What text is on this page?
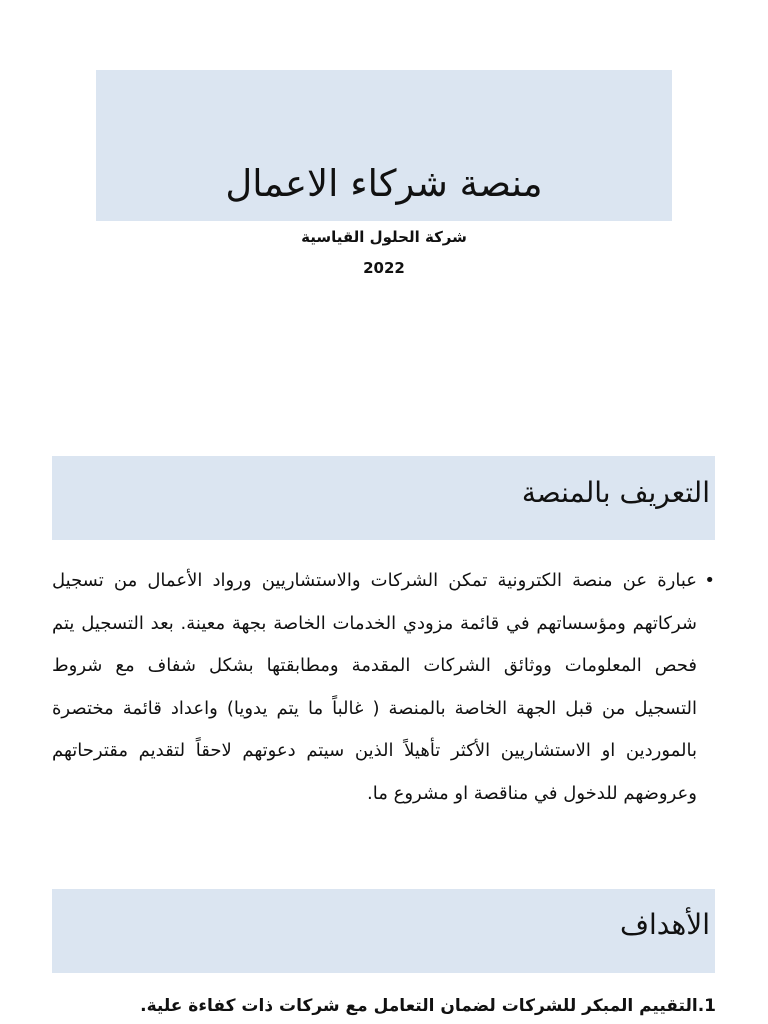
منصة شركاء الاعمال
شركة الحلول القياسية
2022
التعريف بالمنصة
•
عبارة عن منصة الكترونية تمكن الشركات والاستشاريين ورواد الأعمال من تسجيل شركاتهم ومؤسساتهم في قائمة مزودي الخدمات الخاصة بجهة معينة. بعد التسجيل يتم فحص المعلومات ووثائق الشركات المقدمة ومطابقتها بشكل شفاف مع شروط التسجيل من قبل الجهة الخاصة بالمنصة ( غالباً ما يتم يدويا) واعداد قائمة مختصرة بالموردين او الاستشاريين الأكثر تأهيلاً الذين سيتم دعوتهم لاحقاً لتقديم مقترحاتهم وعروضهم للدخول في مناقصة او مشروع ما.
الأهداف
1.التقييم المبكر للشركات لضمان التعامل مع شركات ذات كفاءة علية.
